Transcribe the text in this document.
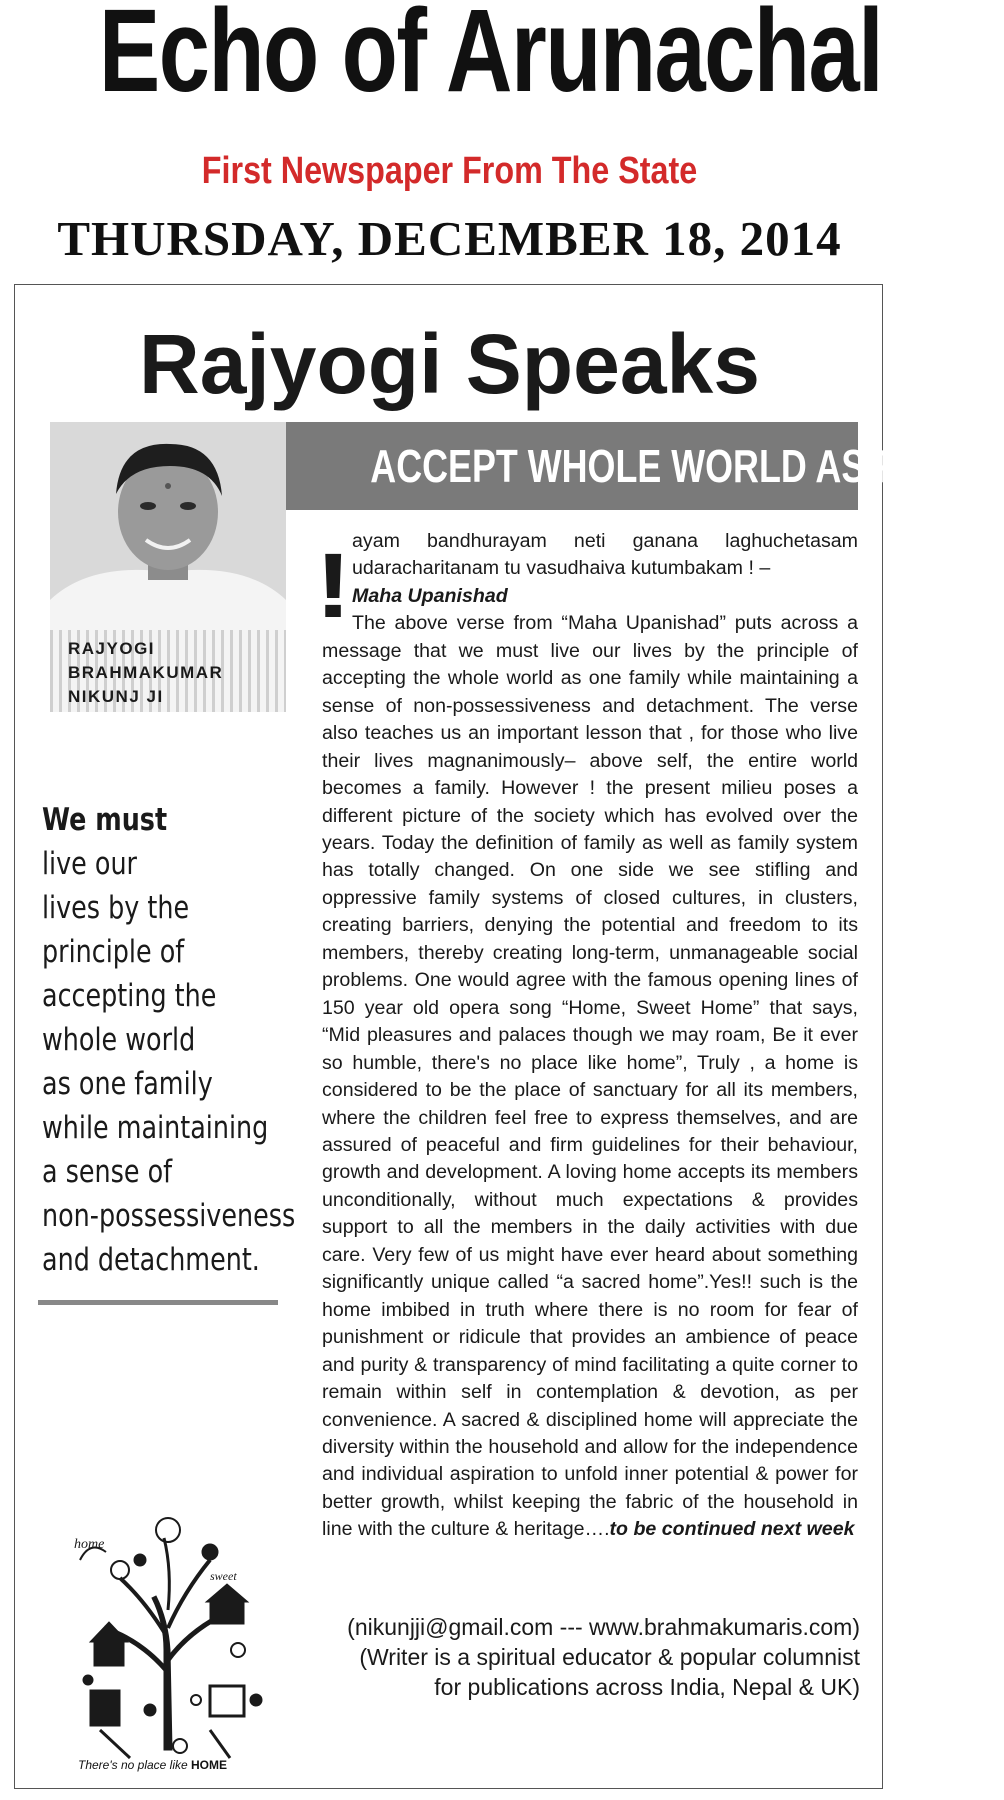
Echo of Arunachal
First Newspaper From The State
THURSDAY, DECEMBER 18, 2014
Rajyogi Speaks
ACCEPT WHOLE WORLD AS FAMILY
RAJYOGI
BRAHMAKUMAR
NIKUNJ JI
We must
live our
lives by the
principle of
accepting the
whole world
as one family
while maintaining
a sense of
non-possessiveness
and detachment.
! ayam bandhurayam neti ganana laghuchetasam udaracharitanam tu vasudhaiva kutumbakam ! –

Maha Upanishad

The above verse from “Maha Upanishad” puts across a message that we must live our lives by the principle of accepting the whole world as one family while maintaining a sense of non-possessiveness and detachment. The verse also teaches us an important lesson that , for those who live their lives magnanimously– above self, the entire world becomes a family. However ! the present milieu poses a different picture of the society which has evolved over the years. Today the definition of family as well as family system has totally changed. On one side we see stifling and oppressive family systems of closed cultures, in clusters, creating barriers, denying the potential and freedom to its members, thereby creating long-term, unmanageable social problems. One would agree with the famous opening lines of 150 year old opera song “Home, Sweet Home” that says, “Mid pleasures and palaces though we may roam, Be it ever so humble, there's no place like home”, Truly , a home is considered to be the place of sanctuary for all its members, where the children feel free to express themselves, and are assured of peaceful and firm guidelines for their behaviour, growth and development. A loving home accepts its members unconditionally, without much expectations & provides support to all the members in the daily activities with due care. Very few of us might have ever heard about something significantly unique called “a sacred home”.Yes!! such is the home imbibed in truth where there is no room for fear of punishment or ridicule that provides an ambience of peace and purity & transparency of mind facilitating a quite corner to remain within self in contemplation & devotion, as per convenience. A sacred & disciplined home will appreciate the diversity within the household and allow for the independence and individual aspiration to unfold inner potential & power for better growth, whilst keeping the fabric of the household in line with the culture & heritage….to be continued next week

(nikunjji@gmail.com --- www.brahmakumaris.com)
(Writer is a spiritual educator & popular columnist
for publications across India, Nepal & UK)
home
sweet
There's no place like HOME
